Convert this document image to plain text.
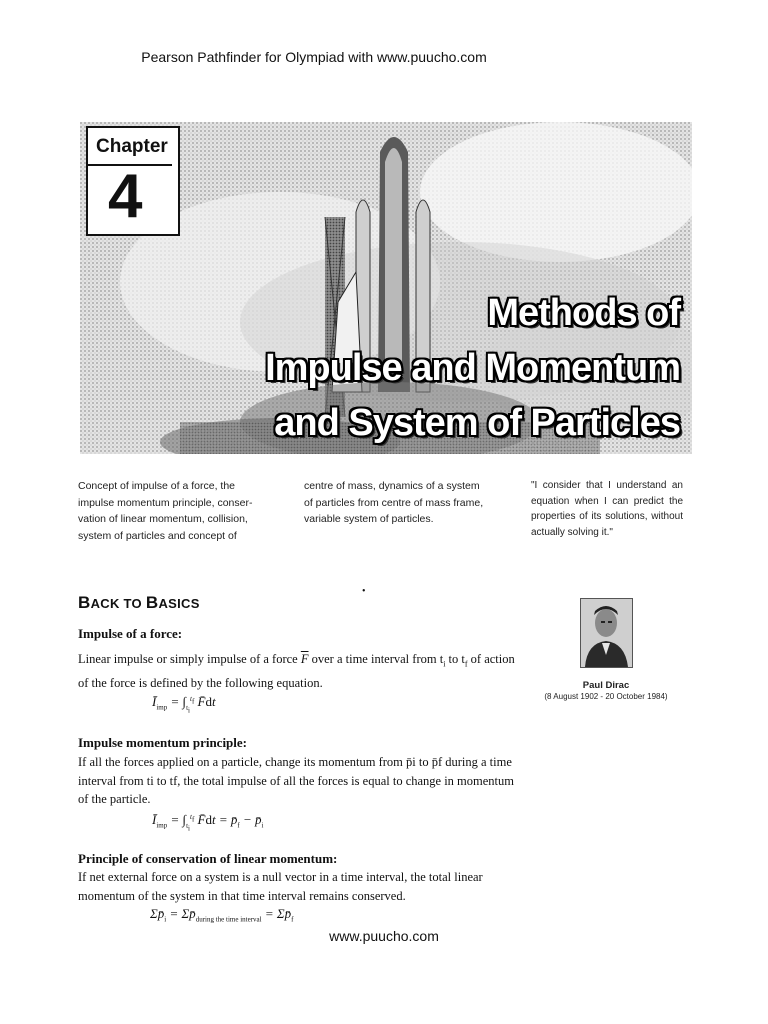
Pearson Pathfinder for Olympiad with www.puucho.com
Chapter
4
Methods of
Impulse and Momentum
and System of Particles
Concept of impulse of a force, the
impulse momentum principle, conser-
vation of linear momentum, collision,
system of particles and concept of
centre of mass, dynamics of a system
of particles from centre of mass frame,
variable system of particles.
"I consider that I understand an equation when I can predict the properties of its solutions, without actually solving it."
•
BACK TO BASICS
Paul Dirac
(8 August 1902 - 20 October 1984)
Impulse of a force:
Linear impulse or simply impulse of a force $\overline{F}$ over a time interval from $t_i$ to $t_f$ of action of the force is defined by the following equation.
$Ī_{imp} = \int_{t_i}^{t_f}$ F̄dt
Impulse momentum principle:
If all the forces applied on a particle, change its momentum from p̄i to p̄f during a time interval from ti to tf, the total impulse of all the forces is equal to change in momentum of the particle.
$Ī_{imp} = \int_{t_i}^{t_f}$ F̄dt = $p̄_f$ − $p̄_i$
Principle of conservation of linear momentum:
If net external force on a system is a null vector in a time interval, the total linear momentum of the system in that time interval remains conserved.
$\Sigma p̄_i$ = $\Sigma p̄_{during the time interval}$ = $\Sigma p̄_f$
www.puucho.com
